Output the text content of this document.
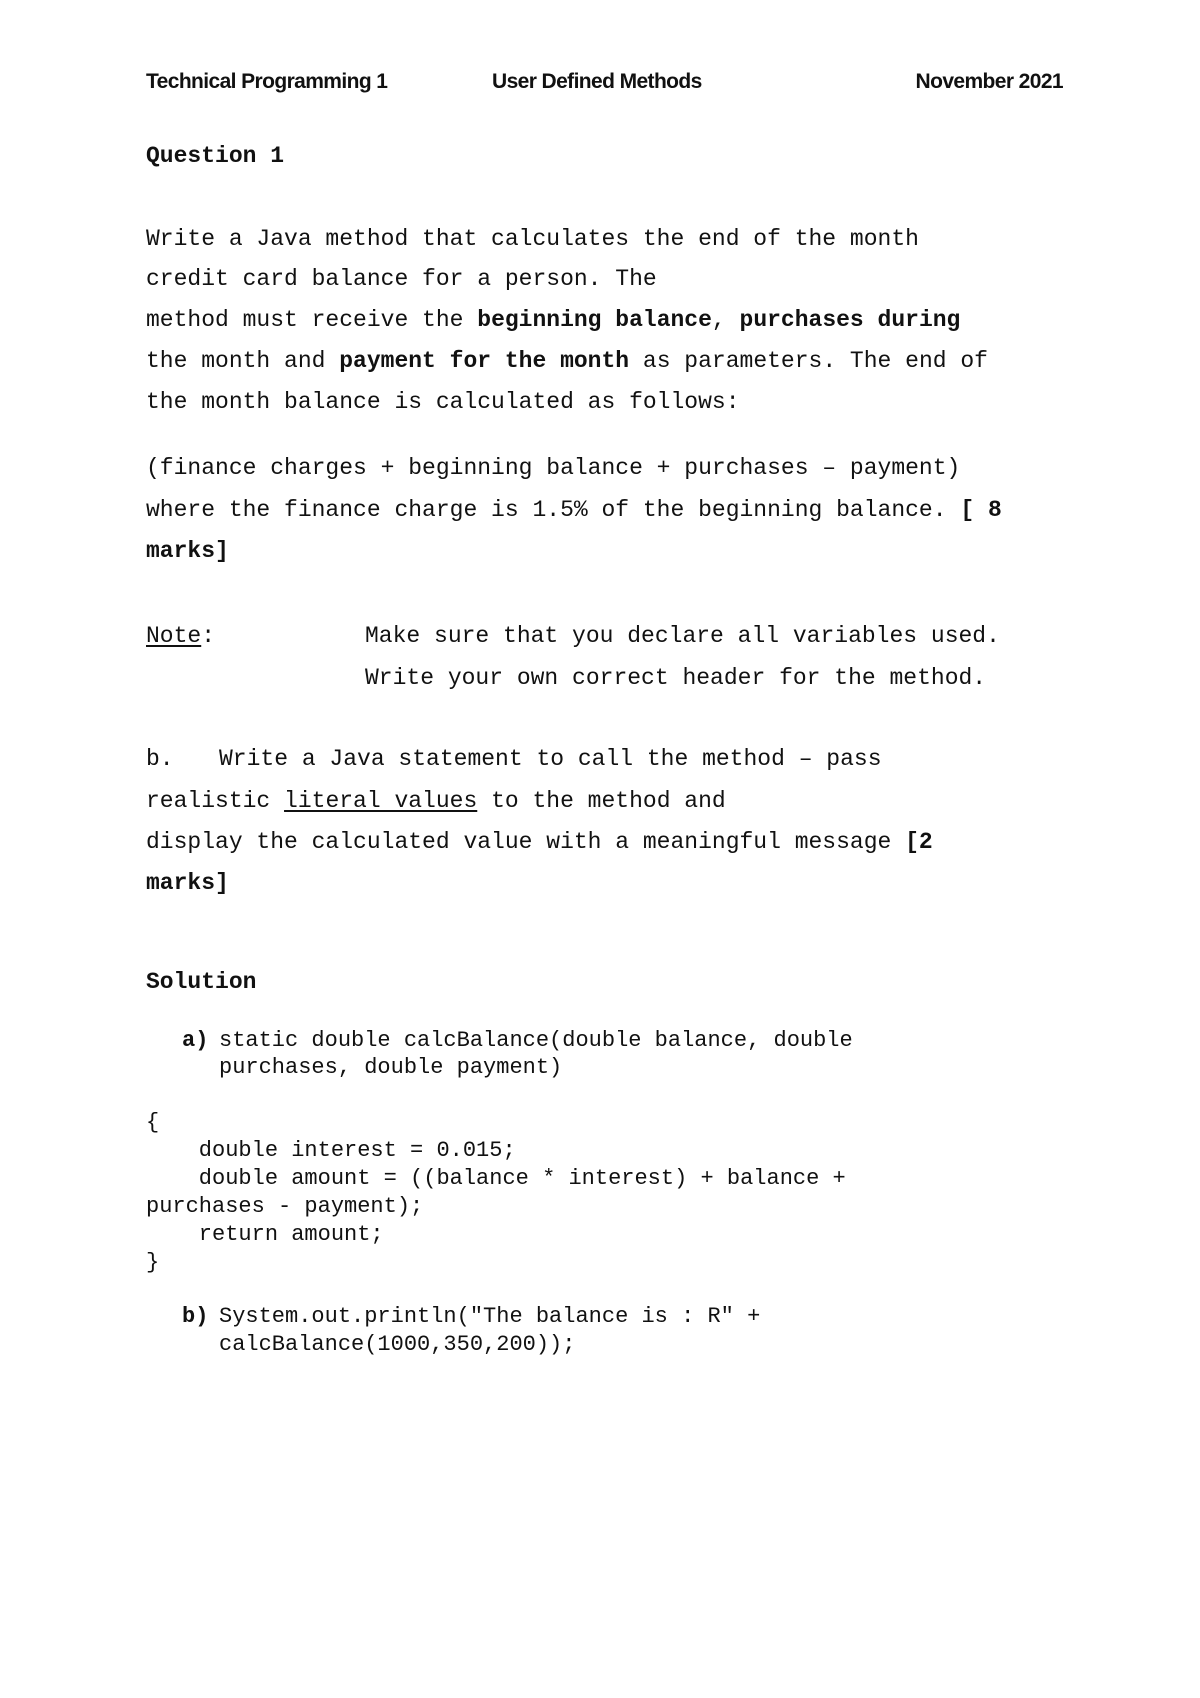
Technical Programming 1	User Defined Methods	November 2021
Question 1
Write a Java method that calculates the end of the month
credit card balance for a person. The
method must receive the beginning balance, purchases during
the month and payment for the month as parameters. The end of
the month balance is calculated as follows:
(finance charges + beginning balance + purchases – payment)
where the finance charge is 1.5% of the beginning balance. [ 8
marks]
Note:	Make sure that you declare all variables used.
Write your own correct header for the method.
b. Write a Java statement to call the method – pass
realistic literal values to the method and
display the calculated value with a meaningful message [2
marks]
Solution
a) static double calcBalance(double balance, double
purchases, double payment)
{
double interest = 0.015;
double amount = ((balance * interest) + balance +
purchases - payment);
return amount;
}
b) System.out.println("The balance is : R" +
calcBalance(1000,350,200));
